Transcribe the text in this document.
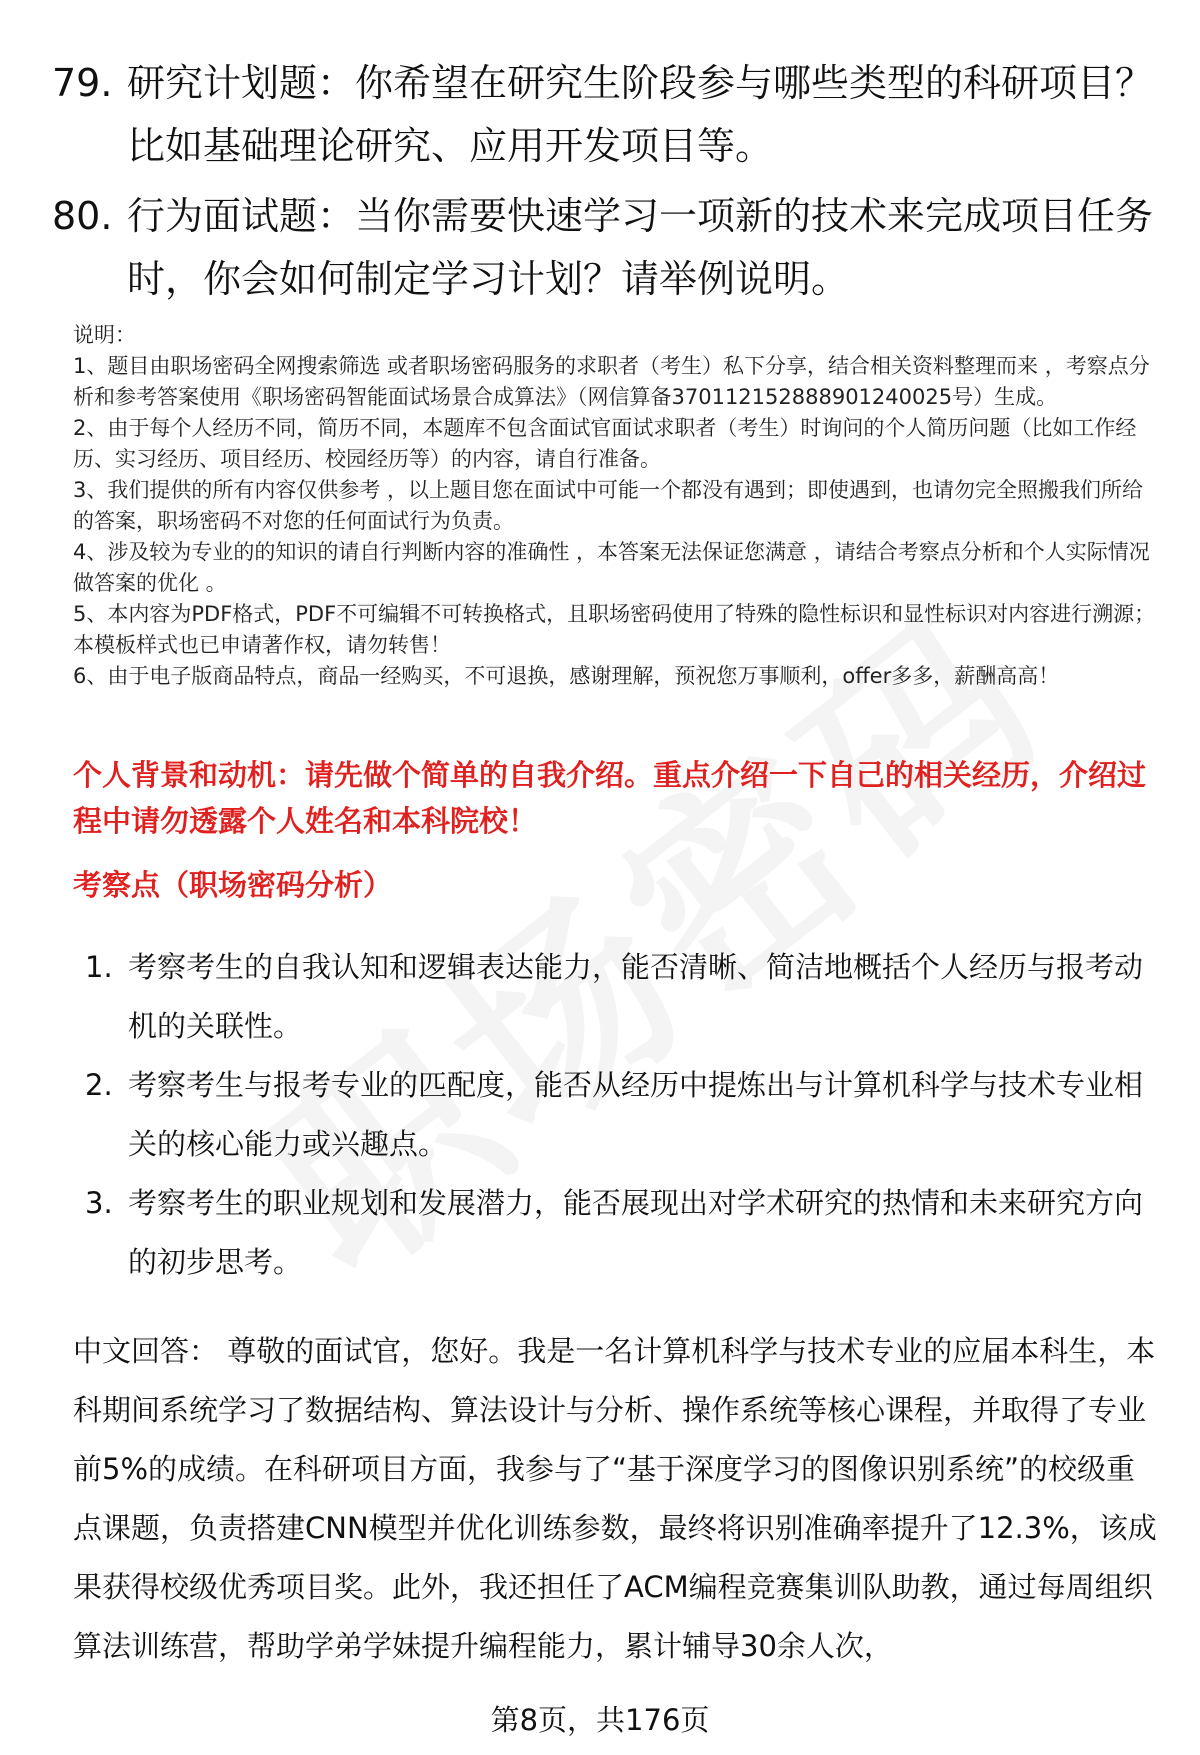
79. 研究计划题：你希望在研究生阶段参与哪些类型的科研项目？比如基础理论研究、应用开发项目等。
80. 行为面试题：当你需要快速学习一项新的技术来完成项目任务时，你会如何制定学习计划？请举例说明。

说明：

1、题目由职场密码全网搜索筛选 或者职场密码服务的求职者（考生）私下分享，结合相关资料整理而来 ，考察点分析和参考答案使用《职场密码智能面试场景合成算法》（网信算备370112152888901240025号）生成。

2、由于每个人经历不同，简历不同，本题库不包含面试官面试求职者（考生）时询问的个人简历问题（比如工作经历、实习经历、项目经历、校园经历等）的内容，请自行准备。

3、我们提供的所有内容仅供参考 ，以上题目您在面试中可能一个都没有遇到；即使遇到，也请勿完全照搬我们所给的答案，职场密码不对您的任何面试行为负责。

4、涉及较为专业的的知识的请自行判断内容的准确性 ，本答案无法保证您满意 ，请结合考察点分析和个人实际情况做答案的优化 。

5、本内容为PDF格式，PDF不可编辑不可转换格式，且职场密码使用了特殊的隐性标识和显性标识对内容进行溯源；本模板样式也已申请著作权，请勿转售！

6、由于电子版商品特点，商品一经购买，不可退换，感谢理解，预祝您万事顺利，offer多多，薪酬高高！

个人背景和动机：请先做个简单的自我介绍。重点介绍一下自己的相关经历，介绍过程中请勿透露个人姓名和本科院校！
考察点（职场密码分析）
1. 考察考生的自我认知和逻辑表达能力，能否清晰、简洁地概括个人经历与报考动机的关联性。
2. 考察考生与报考专业的匹配度，能否从经历中提炼出与计算机科学与技术专业相关的核心能力或兴趣点。
3. 考察考生的职业规划和发展潜力，能否展现出对学术研究的热情和未来研究方向的初步思考。

中文回答： 尊敬的面试官，您好。我是一名计算机科学与技术专业的应届本科生，本科期间系统学习了数据结构、算法设计与分析、操作系统等核心课程，并取得了专业前5%的成绩。在科研项目方面，我参与了“基于深度学习的图像识别系统”的校级重点课题，负责搭建CNN模型并优化训练参数，最终将识别准确率提升了12.3%，该成果获得校级优秀项目奖。此外，我还担任了ACM编程竞赛集训队助教，通过每周组织算法训练营，帮助学弟学妹提升编程能力，累计辅导30余人次，

第8页，共176页
